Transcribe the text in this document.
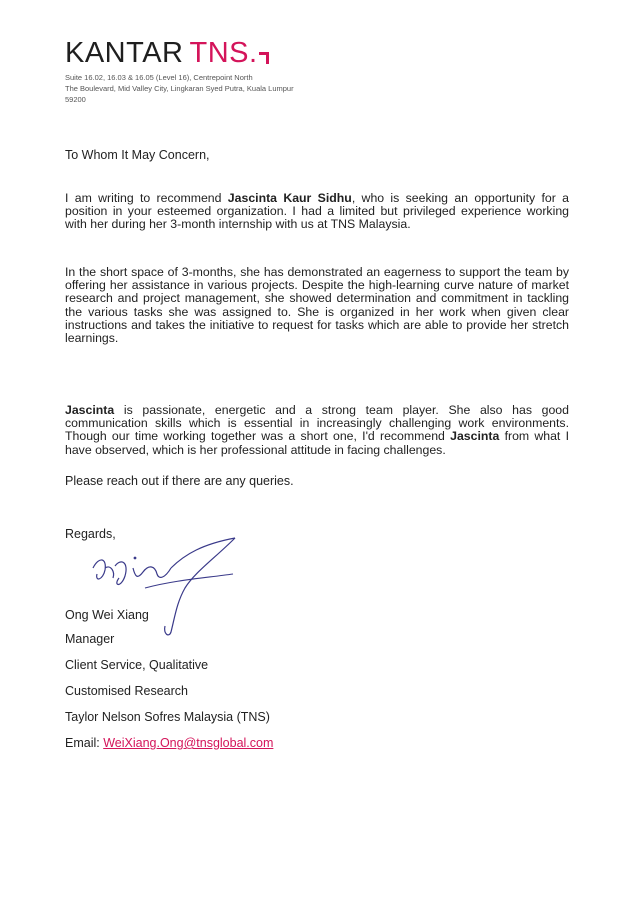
KANTAR TNS.
Suite 16.02, 16.03 & 16.05 (Level 16), Centrepoint North
The Boulevard, Mid Valley City, Lingkaran Syed Putra, Kuala Lumpur
59200
To Whom It May Concern,
I am writing to recommend Jascinta Kaur Sidhu, who is seeking an opportunity for a position in your esteemed organization. I had a limited but privileged experience working with her during her 3-month internship with us at TNS Malaysia.
In the short space of 3-months, she has demonstrated an eagerness to support the team by offering her assistance in various projects. Despite the high-learning curve nature of market research and project management, she showed determination and commitment in tackling the various tasks she was assigned to. She is organized in her work when given clear instructions and takes the initiative to request for tasks which are able to provide her stretch learnings.
Jascinta is passionate, energetic and a strong team player. She also has good communication skills which is essential in increasingly challenging work environments. Though our time working together was a short one, I'd recommend Jascinta from what I have observed, which is her professional attitude in facing challenges.
Please reach out if there are any queries.
Regards,
Ong Wei Xiang
Manager
Client Service, Qualitative
Customised Research
Taylor Nelson Sofres Malaysia (TNS)
Email: WeiXiang.Ong@tnsglobal.com
